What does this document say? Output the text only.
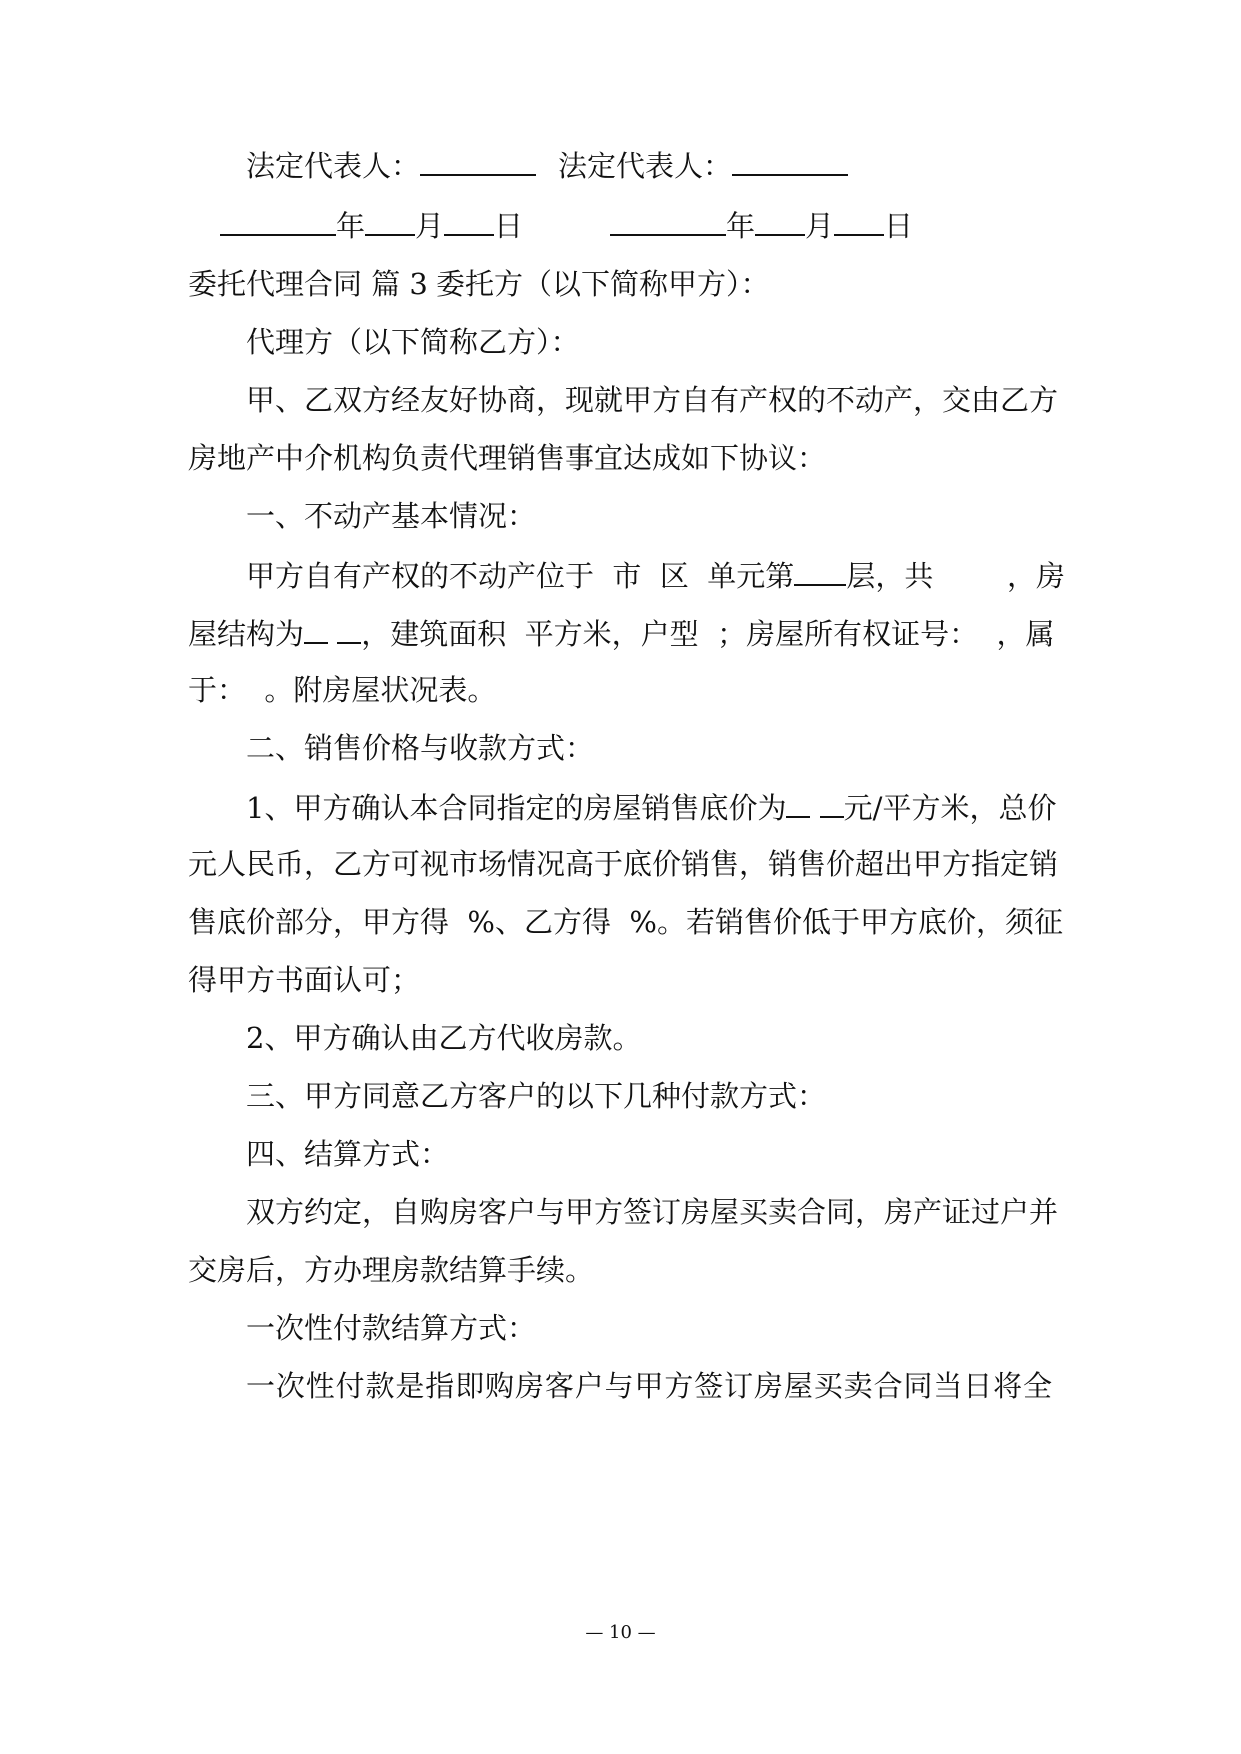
法定代表人：	法定代表人：
年 月 日	年 月 日
委托代理合同 篇 3 委托方（以下简称甲方）：
代理方（以下简称乙方）：
甲、乙双方经友好协商，现就甲方自有产权的不动产，交由乙方
房地产中介机构负责代理销售事宜达成如下协议：
一、不动产基本情况：
甲方自有产权的不动产位于  市  区  单元第 层，共        ，房
屋结构为 ，建筑面积  平方米，户型  ；房屋所有权证号：  ，属
于：  。附房屋状况表。
二、销售价格与收款方式：
1、甲方确认本合同指定的房屋销售底价为 元/平方米，总价
元人民币，乙方可视市场情况高于底价销售，销售价超出甲方指定销
售底价部分，甲方得  %、乙方得  %。若销售价低于甲方底价，须征
得甲方书面认可；
2、甲方确认由乙方代收房款。
三、甲方同意乙方客户的以下几种付款方式：
四、结算方式：
双方约定，自购房客户与甲方签订房屋买卖合同，房产证过户并
交房后，方办理房款结算手续。
一次性付款结算方式：
一次性付款是指即购房客户与甲方签订房屋买卖合同当日将全
— 10 —
